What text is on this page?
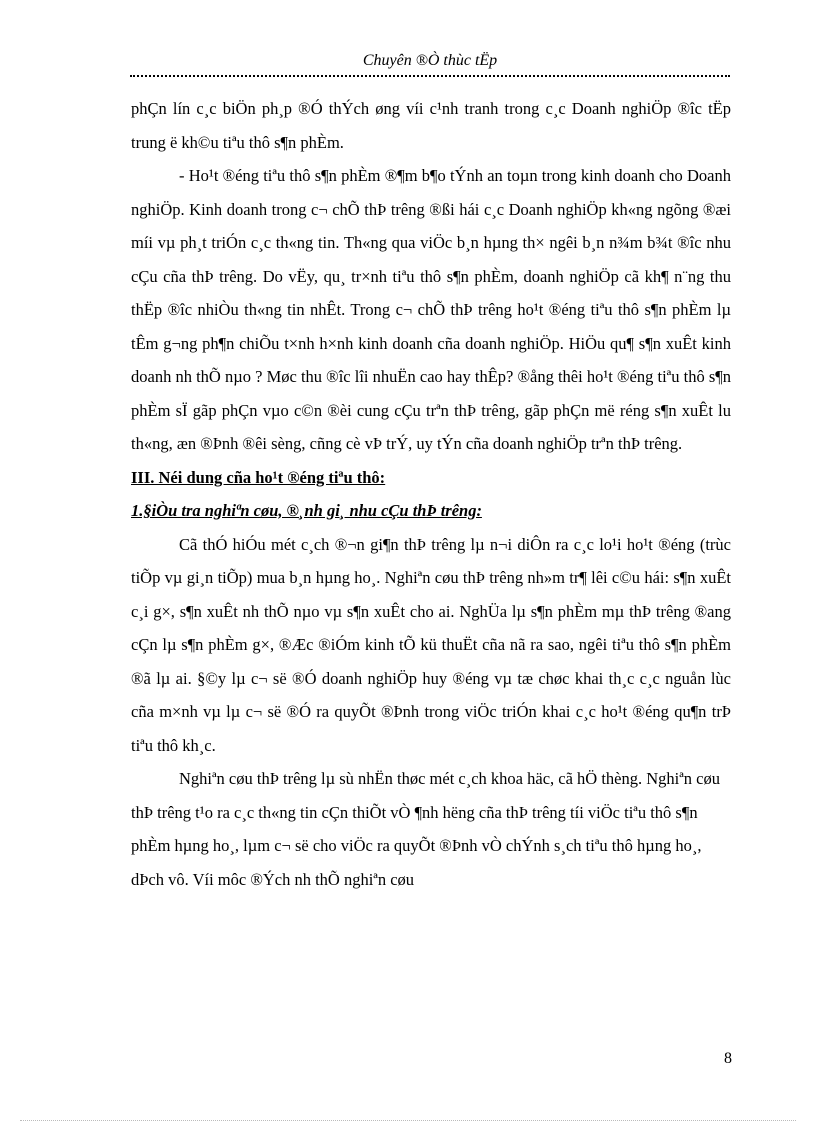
Chuyên ®Ò thùc tËp

phÇn lín c¸c biÖn ph¸p ®Ó thÝch øng víi c¹nh tranh trong c¸c Doanh nghiÖp ®îc tËp trung ë kh©u tiªu thô s¶n phÈm.

- Ho¹t ®éng tiªu thô s¶n phÈm ®¶m b¶o tÝnh an toµn trong kinh doanh cho Doanh nghiÖp. Kinh doanh trong c¬ chÕ thÞ trêng ®ßi hái c¸c Doanh nghiÖp kh«ng ngõng ®æi míi vµ ph¸t triÓn c¸c th«ng tin. Th«ng qua viÖc b¸n hµng th× ngêi b¸n n¾m b¾t ®îc nhu cÇu cña thÞ trêng. Do vËy, qu¸ tr×nh tiªu thô s¶n phÈm, doanh nghiÖp cã kh¶ n¨ng thu thËp ®îc nhiÒu th«ng tin nhÊt. Trong c¬ chÕ thÞ trêng ho¹t ®éng tiªu thô s¶n phÈm lµ tÊm g¬ng ph¶n chiÕu t×nh h×nh kinh doanh cña doanh nghiÖp. HiÖu qu¶ s¶n xuÊt kinh doanh nh thÕ nµo ? Møc thu ®îc lîi nhuËn cao hay thÊp? ®ång thêi ho¹t ®éng tiªu thô s¶n phÈm sÏ gãp phÇn vµo c©n ®èi cung cÇu trªn thÞ trêng, gãp phÇn më réng s¶n xuÊt lu th«ng, æn ®Þnh ®êi sèng, cñng cè vÞ trÝ, uy tÝn cña doanh nghiÖp trªn thÞ trêng.

III. Néi dung cña ho¹t ®éng tiªu thô:

1.§iÒu tra nghiªn cøu, ®¸nh gi¸ nhu cÇu thÞ trêng:

Cã thÓ hiÓu mét c¸ch ®¬n gi¶n thÞ trêng lµ n¬i diÔn ra c¸c lo¹i ho¹t ®éng (trùc tiÕp vµ gi¸n tiÕp) mua b¸n hµng ho¸. Nghiªn cøu thÞ trêng nh»m tr¶ lêi c©u hái: s¶n xuÊt c¸i g×, s¶n xuÊt nh thÕ nµo vµ s¶n xuÊt cho ai. NghÜa lµ s¶n phÈm mµ thÞ trêng ®ang cÇn lµ s¶n phÈm g×, ®Æc ®iÓm kinh tÕ kü thuËt cña nã ra sao, ngêi tiªu thô s¶n phÈm ®ã lµ ai. §©y lµ c¬ së ®Ó doanh nghiÖp huy ®éng vµ tæ chøc khai th¸c c¸c nguån lùc cña m×nh vµ lµ c¬ së ®Ó ra quyÕt ®Þnh trong viÖc triÓn khai c¸c ho¹t ®éng qu¶n trÞ tiªu thô kh¸c.

Nghiªn cøu thÞ trêng lµ sù nhËn thøc mét c¸ch khoa häc, cã hÖ thèng. Nghiªn cøu thÞ trêng t¹o ra c¸c th«ng tin cÇn thiÕt vÒ ¶nh hëng cña thÞ trêng tíi viÖc tiªu thô s¶n phÈm hµng ho¸, lµm c¬ së cho viÖc ra quyÕt ®Þnh vÒ chÝnh s¸ch tiªu thô hµng ho¸, dÞch vô. Víi môc ®Ých nh thÕ nghiªn cøu

8
